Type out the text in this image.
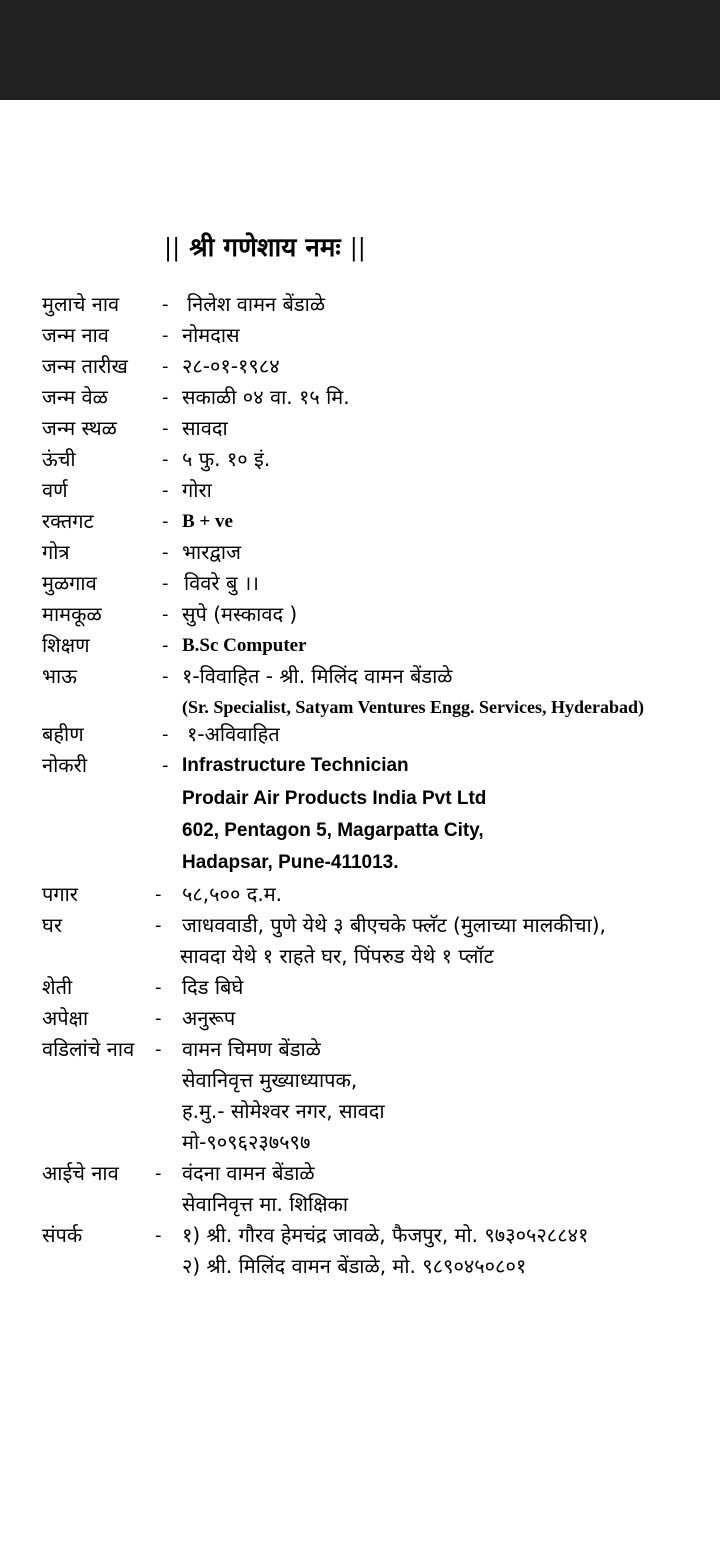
|| श्री गणेशाय नमः ||
मुलाचे नाव - निलेश वामन बेंडाळे
जन्म नाव	- नोमदास
जन्म तारीख - २८-०१-१९८४
जन्म वेळ	- सकाळी ०४ वा. १५ मि.
जन्म स्थळ	- सावदा
ऊंची	- ५ फु. १० इं.
वर्ण	- गोरा
रक्तगट	- B + ve
गोत्र	- भारद्वाज
मुळगाव	- विवरे बु ।।
मामकूळ	- सुपे (मस्कावद )
शिक्षण	- B.Sc Computer
भाऊ	- १-विवाहित - श्री. मिलिंद वामन बेंडाळे
(Sr. Specialist, Satyam Ventures Engg. Services, Hyderabad)
बहीण	- १-अविवाहित
नोकरी	- Infrastructure Technician
Prodair Air Products India Pvt Ltd
602, Pentagon 5, Magarpatta City,
Hadapsar, Pune-411013.
पगार	- ५८,५०० द.म.
घर	- जाधववाडी, पुणे येथे ३ बीएचके फ्लॅट (मुलाच्या मालकीचा),
सावदा येथे १ राहते घर, पिंपरुड येथे १ प्लॉट
शेती	- दिड बिघे
अपेक्षा	- अनुरूप
वडिलांचे नाव - वामन चिमण बेंडाळे
सेवानिवृत्त मुख्याध्यापक,
ह.मु.- सोमेश्वर नगर, सावदा
मो-९०९६२३७५९७
आईचे नाव - वंदना वामन बेंडाळे
सेवानिवृत्त मा. शिक्षिका
संपर्क	- १) श्री. गौरव हेमचंद्र जावळे, फैजपुर, मो. ९७३०५२८८४१
२) श्री. मिलिंद वामन बेंडाळे, मो. ९८९०४५०८०१
